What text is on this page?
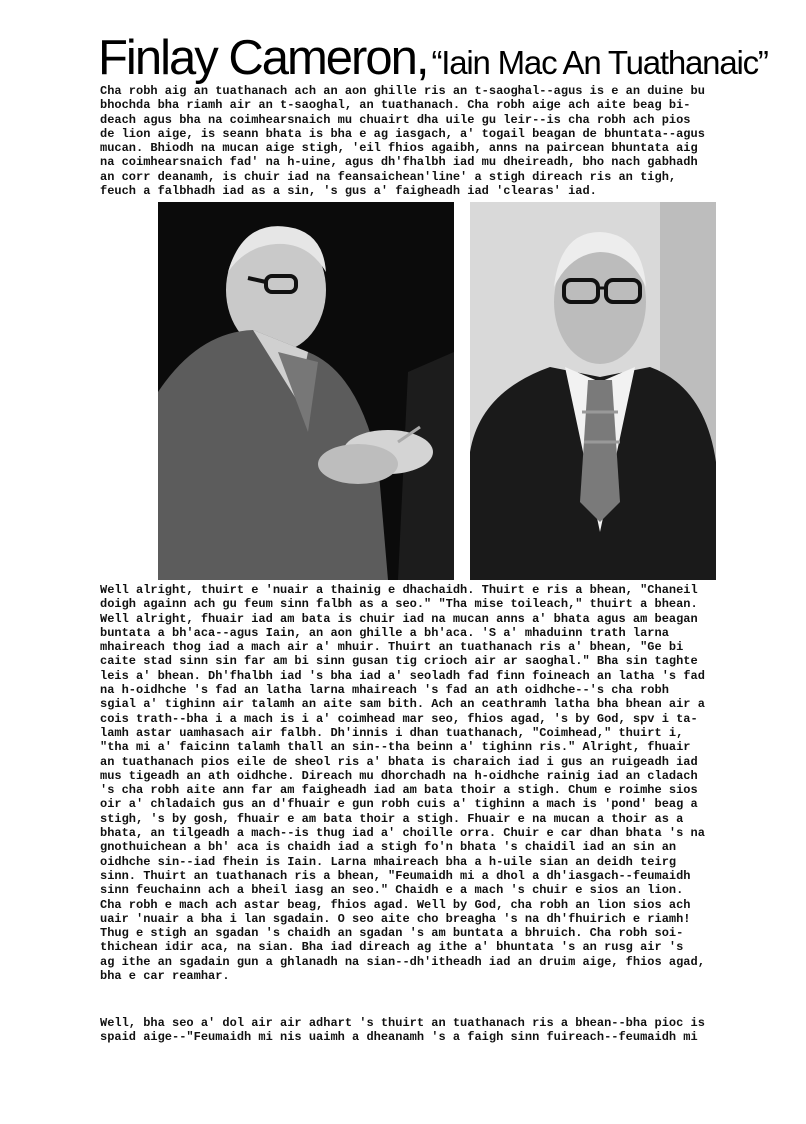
Finlay Cameron, “Iain Mac An Tuathanaic”
Cha robh aig an tuathanach ach an aon ghille ris an t-saoghal--agus is e an duine bu
bhochda bha riamh air an t-saoghal, an tuathanach. Cha robh aige ach aite beag bi-
deach agus bha na coimhearsnaich mu chuairt dha uile gu leir--is cha robh ach pios
de lion aige, is seann bhata is bha e ag iasgach, a' togail beagan de bhuntata--agus
mucan. Bhiodh na mucan aige stigh, 'eil fhios agaibh, anns na paircean bhuntata aig
na coimhearsnaich fad' na h-uine, agus dh'fhalbh iad mu dheireadh, bho nach gabhadh
an corr deanamh, is chuir iad na feansaichean'line' a stigh direach ris an tigh,
feuch a falbhadh iad as a sin, 's gus a' faigheadh iad 'clearas' iad.
Well alright, thuirt e 'nuair a thainig e dhachaidh. Thuirt e ris a bhean, "Chaneil
doigh againn ach gu feum sinn falbh as a seo." "Tha mise toileach," thuirt a bhean.
Well alright, fhuair iad am bata is chuir iad na mucan anns a' bhata agus am beagan
buntata a bh'aca--agus Iain, an aon ghille a bh'aca. 'S a' mhaduinn trath larna
mhaireach thog iad a mach air a' mhuir. Thuirt an tuathanach ris a' bhean, "Ge bi
caite stad sinn sin far am bi sinn gusan tig crioch air ar saoghal." Bha sin taghte
leis a' bhean. Dh'fhalbh iad 's bha iad a' seoladh fad finn foineach an latha 's fad
na h-oidhche 's fad an latha larna mhaireach 's fad an ath oidhche--'s cha robh
sgial a' tighinn air talamh an aite sam bith. Ach an ceathramh latha bha bhean air a
cois trath--bha i a mach is i a' coimhead mar seo, fhios agad, 's by God, spv i ta-
lamh astar uamhasach air falbh. Dh'innis i dhan tuathanach, "Coimhead," thuirt i,
"tha mi a' faicinn talamh thall an sin--tha beinn a' tighinn ris." Alright, fhuair
an tuathanach pios eile de sheol ris a' bhata is charaich iad i gus an ruigeadh iad
mus tigeadh an ath oidhche. Direach mu dhorchadh na h-oidhche rainig iad an cladach
's cha robh aite ann far am faigheadh iad am bata thoir a stigh. Chum e roimhe sios
oir a' chladaich gus an d'fhuair e gun robh cuis a' tighinn a mach is 'pond' beag a
stigh, 's by gosh, fhuair e am bata thoir a stigh. Fhuair e na mucan a thoir as a
bhata, an tilgeadh a mach--is thug iad a' choille orra. Chuir e car dhan bhata 's na
gnothuichean a bh' aca is chaidh iad a stigh fo'n bhata 's chaidil iad an sin an
oidhche sin--iad fhein is Iain. Larna mhaireach bha a h-uile sian an deidh teirg
sinn. Thuirt an tuathanach ris a bhean, "Feumaidh mi a dhol a dh'iasgach--feumaidh
sinn feuchainn ach a bheil iasg an seo." Chaidh e a mach 's chuir e sios an lion.
Cha robh e mach ach astar beag, fhios agad. Well by God, cha robh an lion sios ach
uair 'nuair a bha i lan sgadain. O seo aite cho breagha 's na dh'fhuirich e riamh!
Thug e stigh an sgadan 's chaidh an sgadan 's am buntata a bhruich. Cha robh soi-
thichean idir aca, na sian. Bha iad direach ag ithe a' bhuntata 's an rusg air 's
ag ithe an sgadain gun a ghlanadh na sian--dh'itheadh iad an druim aige, fhios agad,
bha e car reamhar.
Well, bha seo a' dol air air adhart 's thuirt an tuathanach ris a bhean--bha pioc is
spaid aige--"Feumaidh mi nis uaimh a dheanamh 's a faigh sinn fuireach--feumaidh mi
